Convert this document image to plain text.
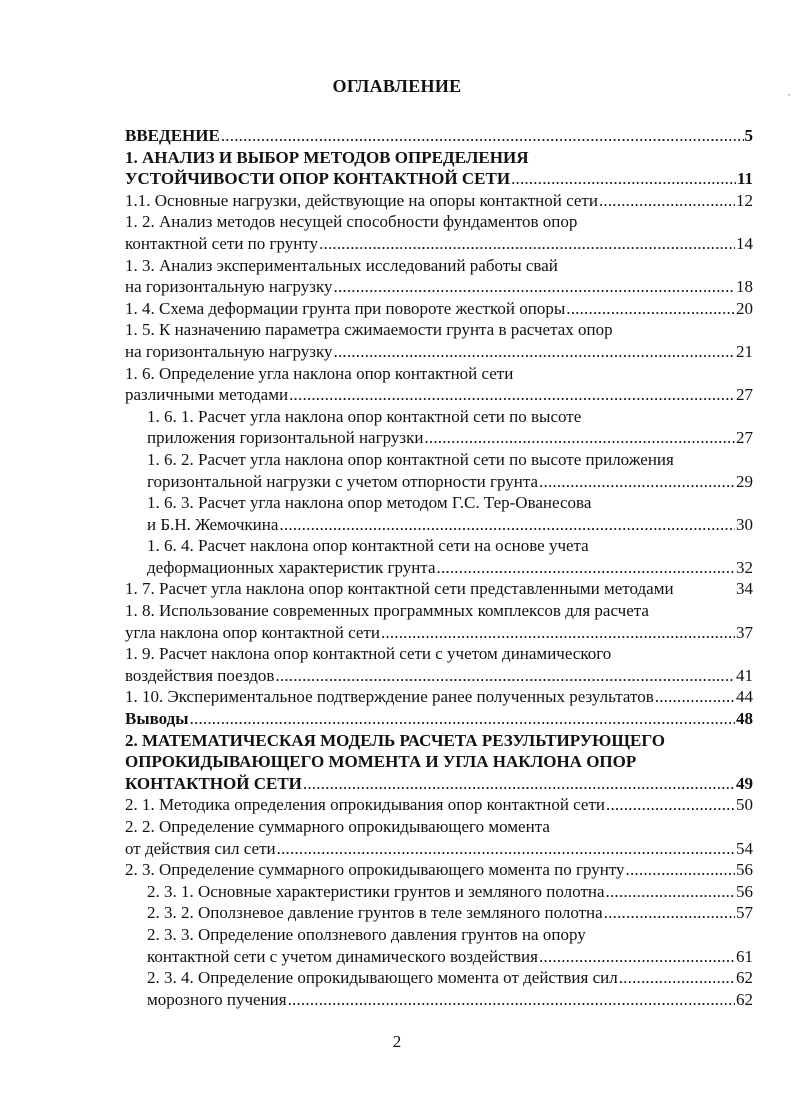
ОГЛАВЛЕНИЕ	,
ВВЕДЕНИЕ .....	5
1. АНАЛИЗ И ВЫБОР МЕТОДОВ ОПРЕДЕЛЕНИЯ
УСТОЙЧИВОСТИ ОПОР КОНТАКТНОЙ СЕТИ .....	11
1.1. Основные нагрузки, действующие на опоры контактной сети .....	12
1. 2. Анализ методов несущей способности фундаментов опор
контактной сети по грунту .....	14
1. 3. Анализ экспериментальных исследований работы свай
на горизонтальную нагрузку .....	18
1. 4. Схема деформации грунта при повороте жесткой опоры .....	20
1. 5. К назначению параметра сжимаемости грунта в расчетах опор
на горизонтальную нагрузку .....	21
1. 6. Определение угла наклона опор контактной сети
различными методами .....	27
1. 6. 1. Расчет угла наклона опор контактной сети по высоте
приложения горизонтальной нагрузки .....	27
1. 6. 2. Расчет угла наклона опор контактной сети по высоте приложения
горизонтальной нагрузки с учетом отпорности грунта .....	29
1. 6. 3. Расчет угла наклона опор методом Г.С. Тер-Ованесова
и Б.Н. Жемочкина .....	30
1. 6. 4. Расчет наклона опор контактной сети на основе учета
деформационных характеристик грунта .....	32
1. 7. Расчет угла наклона опор контактной сети представленными методами	34
1. 8. Использование современных программных комплексов для расчета
угла наклона опор контактной сети .....	37
1. 9. Расчет наклона опор контактной сети с учетом динамического
воздействия поездов .....	41
1. 10. Экспериментальное подтверждение ранее полученных результатов .....	44
Выводы .....	48
2. МАТЕМАТИЧЕСКАЯ МОДЕЛЬ РАСЧЕТА РЕЗУЛЬТИРУЮЩЕГО
ОПРОКИДЫВАЮЩЕГО МОМЕНТА И УГЛА НАКЛОНА ОПОР
КОНТАКТНОЙ СЕТИ .....	49
2. 1. Методика определения опрокидывания опор контактной сети .....	50
2. 2. Определение суммарного опрокидывающего момента
от действия сил сети .....	54
2. 3. Определение суммарного опрокидывающего момента по грунту .....	56
2. 3. 1. Основные характеристики грунтов и земляного полотна .....	56
2. 3. 2. Оползневое давление грунтов в теле земляного полотна .....	57
2. 3. 3. Определение оползневого давления грунтов на опору
контактной сети с учетом динамического воздействия .....	61
2. 3. 4. Определение опрокидывающего момента от действия сил .....	62
морозного пучения .....	62
2
